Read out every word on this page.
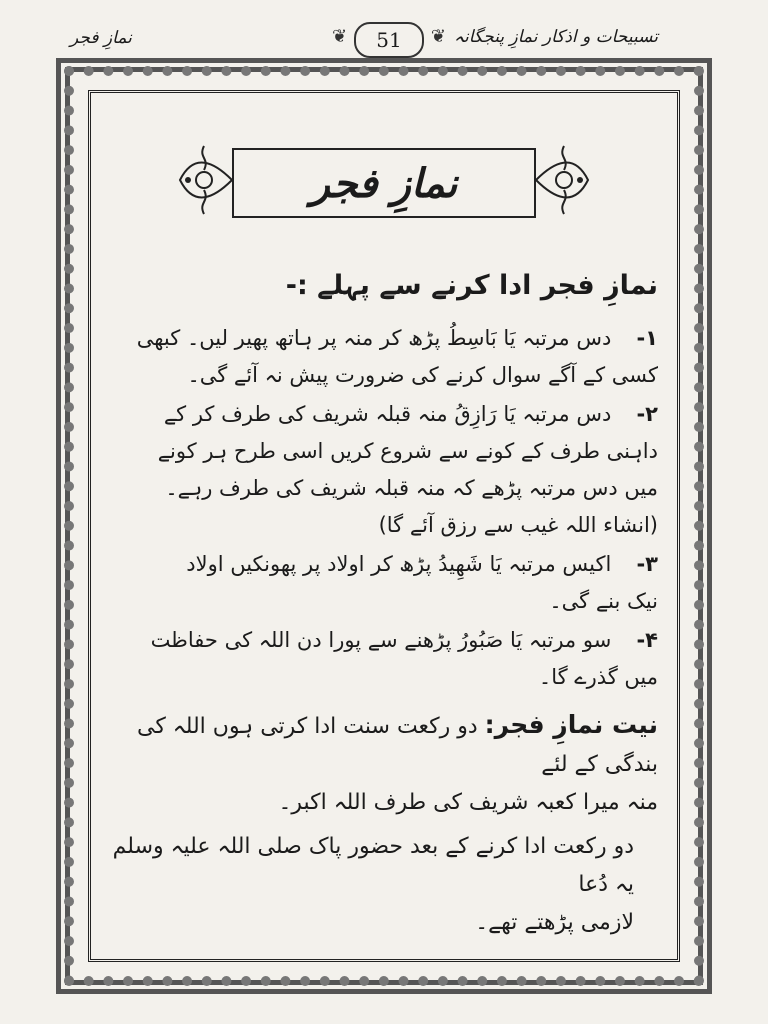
نمازِ فجر
❦	51
❦	تسبیحات و اذکار نمازِ پنجگانہ
نمازِ فجر
نمازِ فجر ادا کرنے سے پہلے :-
۱- دس مرتبہ یَا بَاسِطُ پڑھ کر منہ پر ہاتھ پھیر لیں۔ کبھی
کسی کے آگے سوال کرنے کی ضرورت پیش نہ آئے گی۔
۲- دس مرتبہ یَا رَازِقُ منہ قبلہ شریف کی طرف کر کے
داہنی طرف کے کونے سے شروع کریں اسی طرح ہر کونے
میں دس مرتبہ پڑھے کہ منہ قبلہ شریف کی طرف رہے۔
(انشاء اللہ غیب سے رزق آئے گا)
۳- اکیس مرتبہ یَا شَهِیدُ پڑھ کر اولاد پر پھونکیں اولاد
نیک بنے گی۔
۴- سو مرتبہ یَا صَبُورُ پڑھنے سے پورا دن اللہ کی حفاظت
میں گذرے گا۔
نیت نمازِ فجر: دو رکعت سنت ادا کرتی ہوں اللہ کی بندگی کے لئے
منہ میرا کعبہ شریف کی طرف اللہ اکبر۔
دو رکعت ادا کرنے کے بعد حضور پاک صلی اللہ علیہ وسلم یہ دُعا
لازمی پڑھتے تھے۔
